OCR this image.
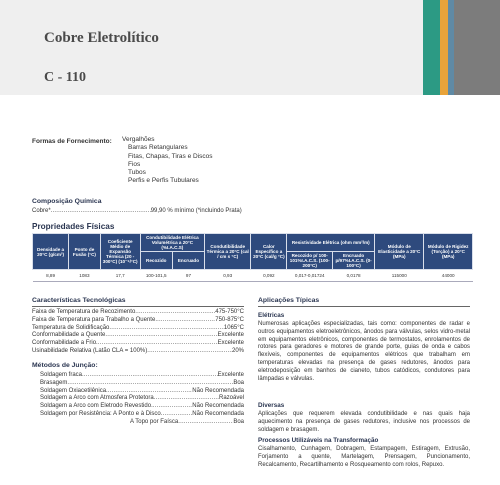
Cobre Eletrolítico
C - 110
Formas de Fornecimento: Vergalhões
Barras Retangulares
Fitas, Chapas, Tiras e Discos
Fios
Tubos
Perfis e Perfis Tubulares
Composição Química
Cobre* .....	99,90 % mínimo (*incluindo Prata)
Propriedades Físicas
Densidade a 20°C (g/cm³)	Ponto de Fusão (°C)	Coeficiente Médio de Expansão Térmica (20 - 300°C) (10⁻⁶/°C)	Condutibilidade Elétrica Volumétrica a 20°C (%I.A.C.S)		Condutibilidade Térmica a 20°C (cal / cm s °C)	Calor Específico a 20°C (cal/g °C)	Resistividade Elétrica (ohm mm²/m)		Módulo de Elasticidade a 20°C (MPa)	Módulo de Rigidez (Torção) a 20°C (MPa)
			Recozido	Encruado			Recozido p/ 100-101%I.A.C.S. (100-200°C)	Encruado p/97%I.A.C.S. (0-100°C)		
8,89	1083	17,7	100-101,5	97	0,93	0,092	0,017-0,01724	0,0178	115000	44000
Características Tecnológicas
Faixa de Temperatura de Recozimento .....	475-750°C
Faixa de Temperatura para Trabalho a Quente .....	750-875°C
Temperatura de Solidificação .....	1065°C
Conformabilidade a Quente .....	Excelente
Conformabilidade a Frio .....	Excelente
Usinabilidade Relativa (Latão CLA = 100%) .....	20%
Métodos de Junção:
Soldagem fraca .....	Excelente
Brasagem .....	Boa
Soldagem Oxiacetilênica .....	Não Recomendada
Soldagem a Arco com Atmosfera Protetora .....	Razoável
Soldagem a Arco com Eletrodo Revestido .....	Não Recomendada
Soldagem por Resistência: A Ponto e à Disco .....	Não Recomendada
A Topo por Faísca .....	Boa
Aplicações Típicas
Elétricas
Numerosas aplicações especializadas, tais como: componentes de radar e outros equipamentos eletroeletrônicos, ânodos para válvulas, selos vidro-metal em equipamentos eletrônicos, componentes de termostatos, enrolamentos de rotores para geradores e motores de grande porte, guias de onda e cabos flexíveis, componentes de equipamentos elétricos que trabalham em temperaturas elevadas na presença de gases redutores, ânodos para eletrodeposição em banhos de cianeto, tubos catódicos, condutores para lâmpadas e válvulas.
Diversas
Aplicações que requerem elevada condutibilidade e nas quais haja aquecimento na presença de gases redutores, inclusive nos processos de soldagem e brasagem.
Processos Utilizáveis na Transformação
Cisalhamento, Cunhagem, Dobragem, Estampagem, Estiragem, Extrusão, Forjamento a quente, Martelagem, Prensagem, Puncionamento, Recalcamento, Recartilhamento e Rosqueamento com rolos, Repuxo.
